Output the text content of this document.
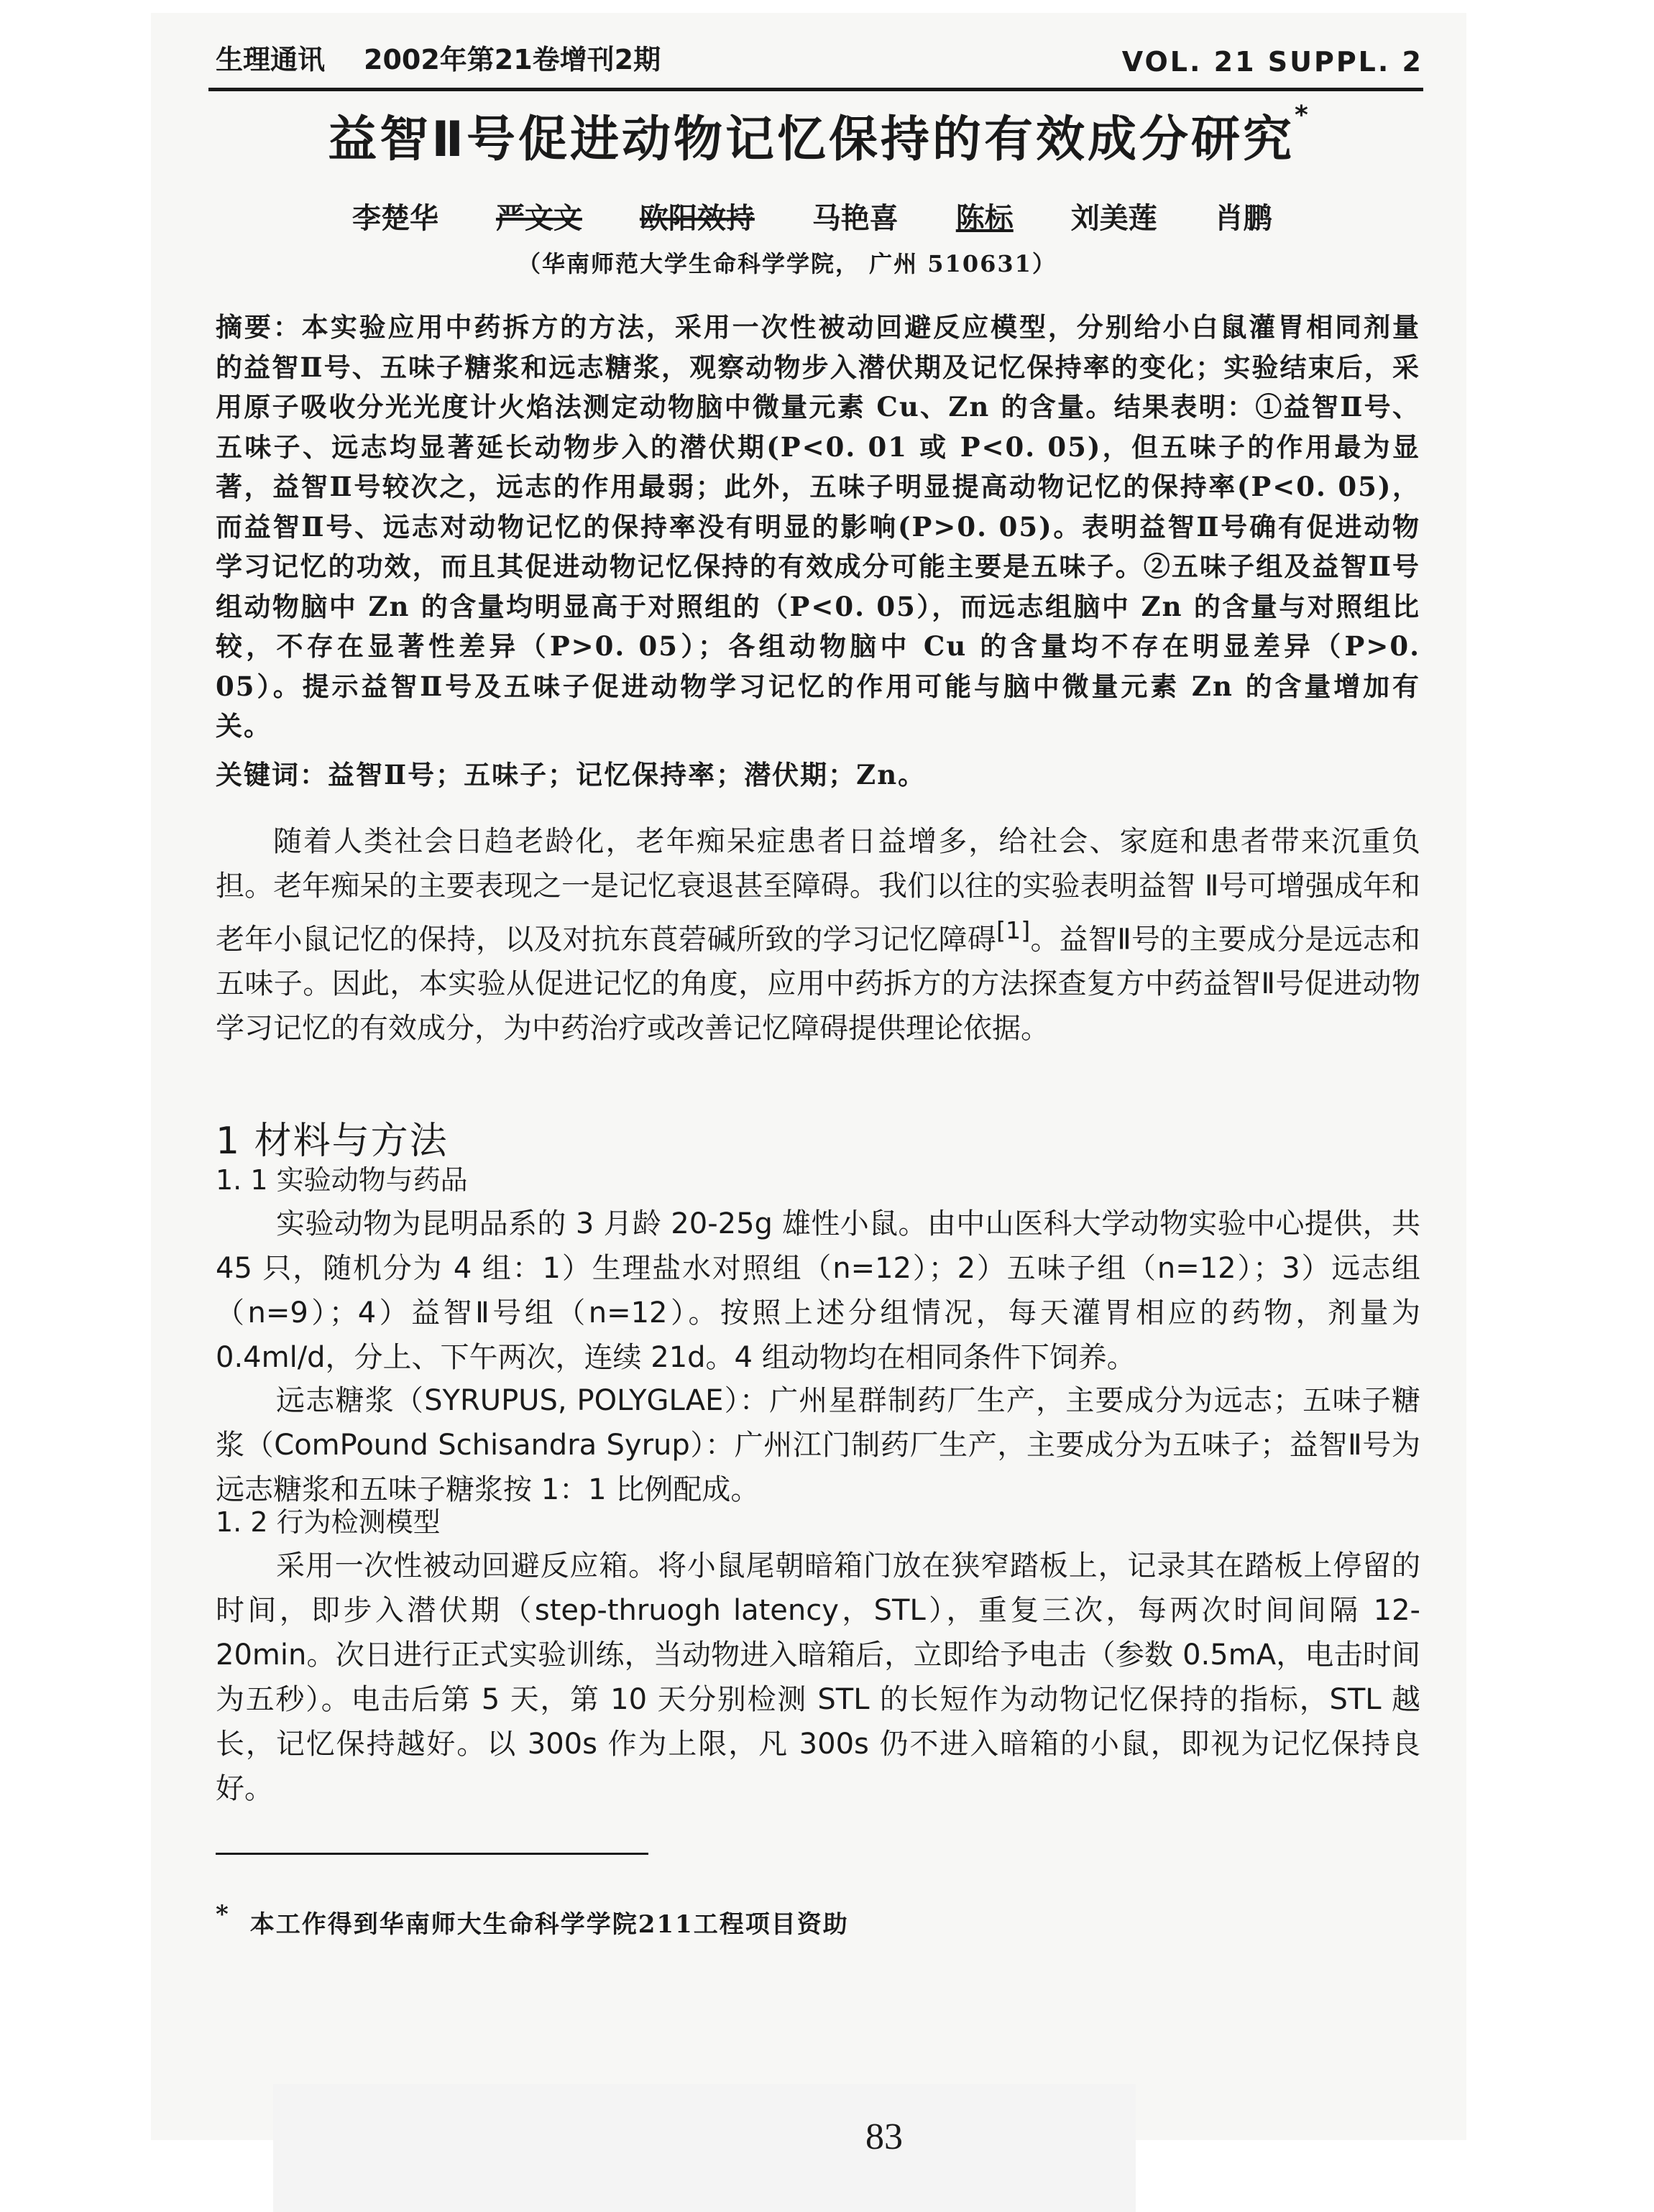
生理通讯 2002年第21卷增刊2期	VOL. 21 SUPPL. 2
益智Ⅱ号促进动物记忆保持的有效成分研究*
李楚华 严文文 欧阳效持 马艳喜 陈标 刘美莲 肖鹏
（华南师范大学生命科学学院， 广州 510631）
摘要：本实验应用中药拆方的方法，采用一次性被动回避反应模型，分别给小白鼠灌胃相同剂量的益智Ⅱ号、五味子糖浆和远志糖浆，观察动物步入潜伏期及记忆保持率的变化；实验结束后，采用原子吸收分光光度计火焰法测定动物脑中微量元素 Cu、Zn 的含量。结果表明：①益智Ⅱ号、五味子、远志均显著延长动物步入的潜伏期(P<0. 01 或 P<0. 05)，但五味子的作用最为显著，益智Ⅱ号较次之，远志的作用最弱；此外，五味子明显提高动物记忆的保持率(P<0. 05)，而益智Ⅱ号、远志对动物记忆的保持率没有明显的影响(P>0. 05)。表明益智Ⅱ号确有促进动物学习记忆的功效，而且其促进动物记忆保持的有效成分可能主要是五味子。②五味子组及益智Ⅱ号组动物脑中 Zn 的含量均明显高于对照组的（P<0. 05），而远志组脑中 Zn 的含量与对照组比较，不存在显著性差异（P>0. 05）；各组动物脑中 Cu 的含量均不存在明显差异（P>0. 05）。提示益智Ⅱ号及五味子促进动物学习记忆的作用可能与脑中微量元素 Zn 的含量增加有关。
关键词：益智Ⅱ号；五味子；记忆保持率；潜伏期；Zn。
随着人类社会日趋老龄化，老年痴呆症患者日益增多，给社会、家庭和患者带来沉重负担。老年痴呆的主要表现之一是记忆衰退甚至障碍。我们以往的实验表明益智 Ⅱ号可增强成年和老年小鼠记忆的保持，以及对抗东莨菪碱所致的学习记忆障碍[1]。益智Ⅱ号的主要成分是远志和五味子。因此，本实验从促进记忆的角度，应用中药拆方的方法探查复方中药益智Ⅱ号促进动物学习记忆的有效成分，为中药治疗或改善记忆障碍提供理论依据。
1 材料与方法
1. 1 实验动物与药品
实验动物为昆明品系的 3 月龄 20-25g 雄性小鼠。由中山医科大学动物实验中心提供，共 45 只，随机分为 4 组：1）生理盐水对照组（n=12）；2）五味子组（n=12）；3）远志组（n=9）；4）益智Ⅱ号组（n=12）。按照上述分组情况，每天灌胃相应的药物，剂量为 0.4ml/d，分上、下午两次，连续 21d。4 组动物均在相同条件下饲养。
远志糖浆（SYRUPUS, POLYGLAE）：广州星群制药厂生产，主要成分为远志；五味子糖浆（ComPound Schisandra Syrup）：广州江门制药厂生产，主要成分为五味子；益智Ⅱ号为远志糖浆和五味子糖浆按 1：1 比例配成。
1. 2 行为检测模型
采用一次性被动回避反应箱。将小鼠尾朝暗箱门放在狭窄踏板上，记录其在踏板上停留的时间，即步入潜伏期（step-thruogh latency，STL），重复三次，每两次时间间隔 12-20min。次日进行正式实验训练，当动物进入暗箱后，立即给予电击（参数 0.5mA，电击时间为五秒）。电击后第 5 天，第 10 天分别检测 STL 的长短作为动物记忆保持的指标，STL 越长，记忆保持越好。以 300s 作为上限，凡 300s 仍不进入暗箱的小鼠，即视为记忆保持良好。
* 本工作得到华南师大生命科学学院211工程项目资助
83
